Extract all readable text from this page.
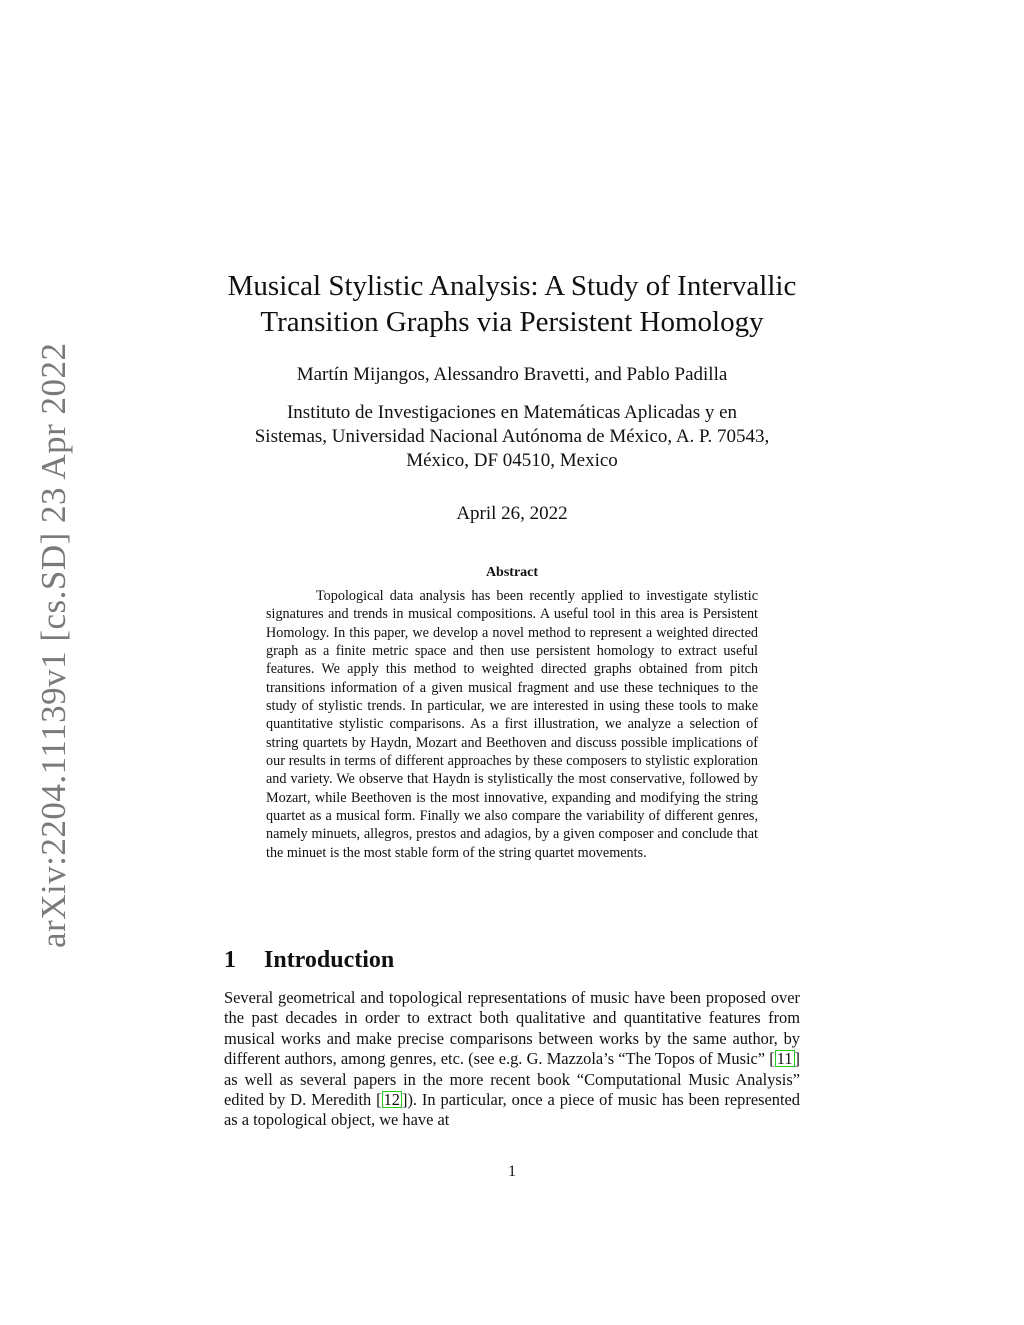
arXiv:2204.11139v1 [cs.SD] 23 Apr 2022
Musical Stylistic Analysis: A Study of Intervallic
Transition Graphs via Persistent Homology
Martín Mijangos, Alessandro Bravetti, and Pablo Padilla
Instituto de Investigaciones en Matemáticas Aplicadas y en
Sistemas, Universidad Nacional Autónoma de México, A. P. 70543,
México, DF 04510, Mexico
April 26, 2022
Abstract

Topological data analysis has been recently applied to investigate stylistic signatures and trends in musical compositions. A useful tool in this area is Persistent Homology. In this paper, we develop a novel method to represent a weighted directed graph as a finite metric space and then use persistent homology to extract useful features. We apply this method to weighted directed graphs obtained from pitch transitions information of a given musical fragment and use these techniques to the study of stylistic trends. In particular, we are interested in using these tools to make quantitative stylistic comparisons. As a first illustration, we analyze a selection of string quartets by Haydn, Mozart and Beethoven and discuss possible implications of our results in terms of different approaches by these composers to stylistic exploration and variety. We observe that Haydn is stylistically the most conservative, followed by Mozart, while Beethoven is the most innovative, expanding and modifying the string quartet as a musical form. Finally we also compare the variability of different genres, namely minuets, allegros, prestos and adagios, by a given composer and conclude that the minuet is the most stable form of the string quartet movements.

1 Introduction

Several geometrical and topological representations of music have been proposed over the past decades in order to extract both qualitative and quantitative features from musical works and make precise comparisons between works by the same author, by different authors, among genres, etc. (see e.g. G. Mazzola’s “The Topos of Music” [ 11 ] as well as several papers in the more recent book “Computational Music Analysis” edited by D. Meredith [ 12 ]). In particular, once a piece of music has been represented as a topological object, we have at

1
